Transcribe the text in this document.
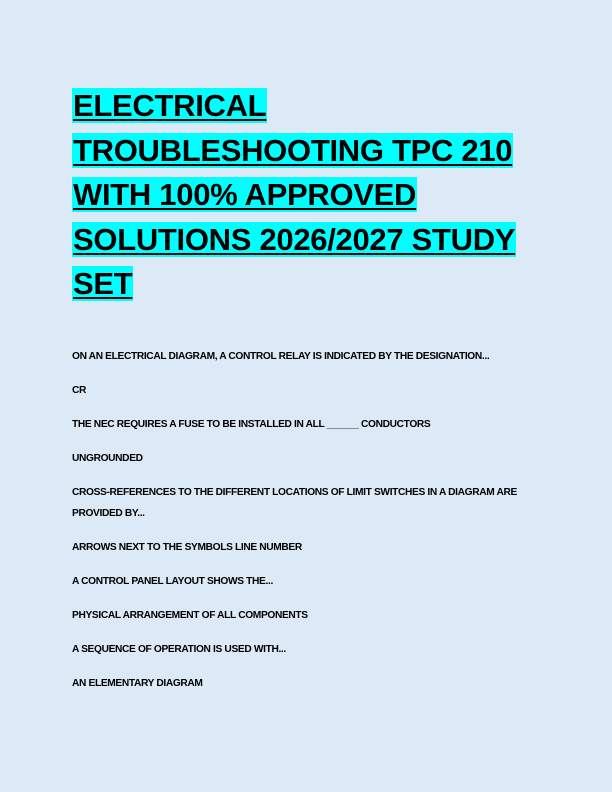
ELECTRICAL TROUBLESHOOTING TPC 210 WITH 100% APPROVED SOLUTIONS 2026/2027 STUDY SET

ON AN ELECTRICAL DIAGRAM, A CONTROL RELAY IS INDICATED BY THE DESIGNATION...

CR

THE NEC REQUIRES A FUSE TO BE INSTALLED IN ALL ______ CONDUCTORS

UNGROUNDED

CROSS-REFERENCES TO THE DIFFERENT LOCATIONS OF LIMIT SWITCHES IN A DIAGRAM ARE PROVIDED BY...

ARROWS NEXT TO THE SYMBOLS LINE NUMBER

A CONTROL PANEL LAYOUT SHOWS THE...

PHYSICAL ARRANGEMENT OF ALL COMPONENTS

A SEQUENCE OF OPERATION IS USED WITH...

AN ELEMENTARY DIAGRAM
